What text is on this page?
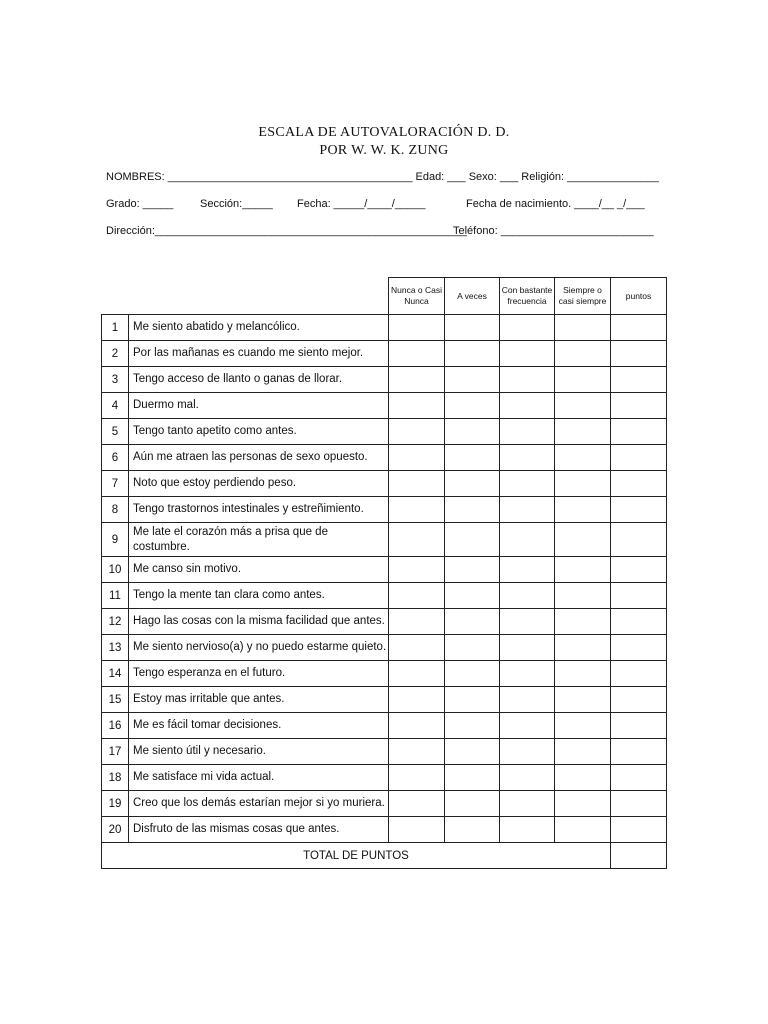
ESCALA DE AUTOVALORACIÓN D. D.
POR W. W. K. ZUNG
NOMBRES: ________________________________________ Edad: ___ Sexo: ___ Religión: _______________
Grado: _____ Sección:_____ Fecha: _____/____/_____	Fecha de nacimiento. ____/__ _/___
Dirección:___________________________________________________
Teléfono: _________________________
		Nunca o Casi Nunca	A veces	Con bastante frecuencia	Siempre o casi siempre	puntos
1	Me siento abatido y melancólico.					
2	Por las mañanas es cuando me siento mejor.					
3	Tengo acceso de llanto o ganas de llorar.					
4	Duermo mal.					
5	Tengo tanto apetito como antes.					
6	Aún me atraen las personas de sexo opuesto.					
7	Noto que estoy perdiendo peso.					
8	Tengo trastornos intestinales y estreñimiento.					
9	Me late el corazón más a prisa que de costumbre.					
10	Me canso sin motivo.					
11	Tengo la mente tan clara como antes.					
12	Hago las cosas con la misma facilidad que antes.					
13	Me siento nervioso(a) y no puedo estarme quieto.					
14	Tengo esperanza en el futuro.					
15	Estoy mas irritable que antes.					
16	Me es fácil tomar decisiones.					
17	Me siento útil y necesario.					
18	Me satisface mi vida actual.					
19	Creo que los demás estarían mejor si yo muriera.					
20	Disfruto de las mismas cosas que antes.					
TOTAL DE PUNTOS						
